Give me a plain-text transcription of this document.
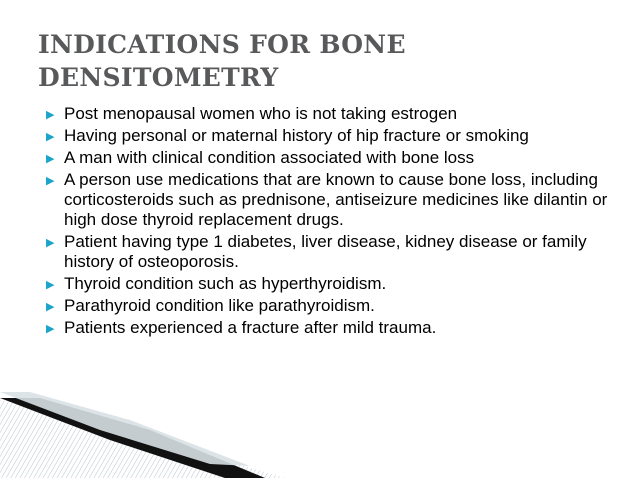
INDICATIONS FOR BONE DENSITOMETRY
▶ Post menopausal women who is not taking estrogen
▶ Having personal or maternal history of hip fracture or smoking
▶ A man with clinical condition associated with bone loss
▶ A person use medications that are known to cause bone loss, including corticosteroids such as prednisone, antiseizure medicines like dilantin or high dose thyroid replacement drugs.
▶ Patient having type 1 diabetes, liver disease, kidney disease or family history of osteoporosis.
▶ Thyroid condition such as hyperthyroidism.
▶ Parathyroid condition like parathyroidism.
▶ Patients experienced a fracture after mild trauma.
